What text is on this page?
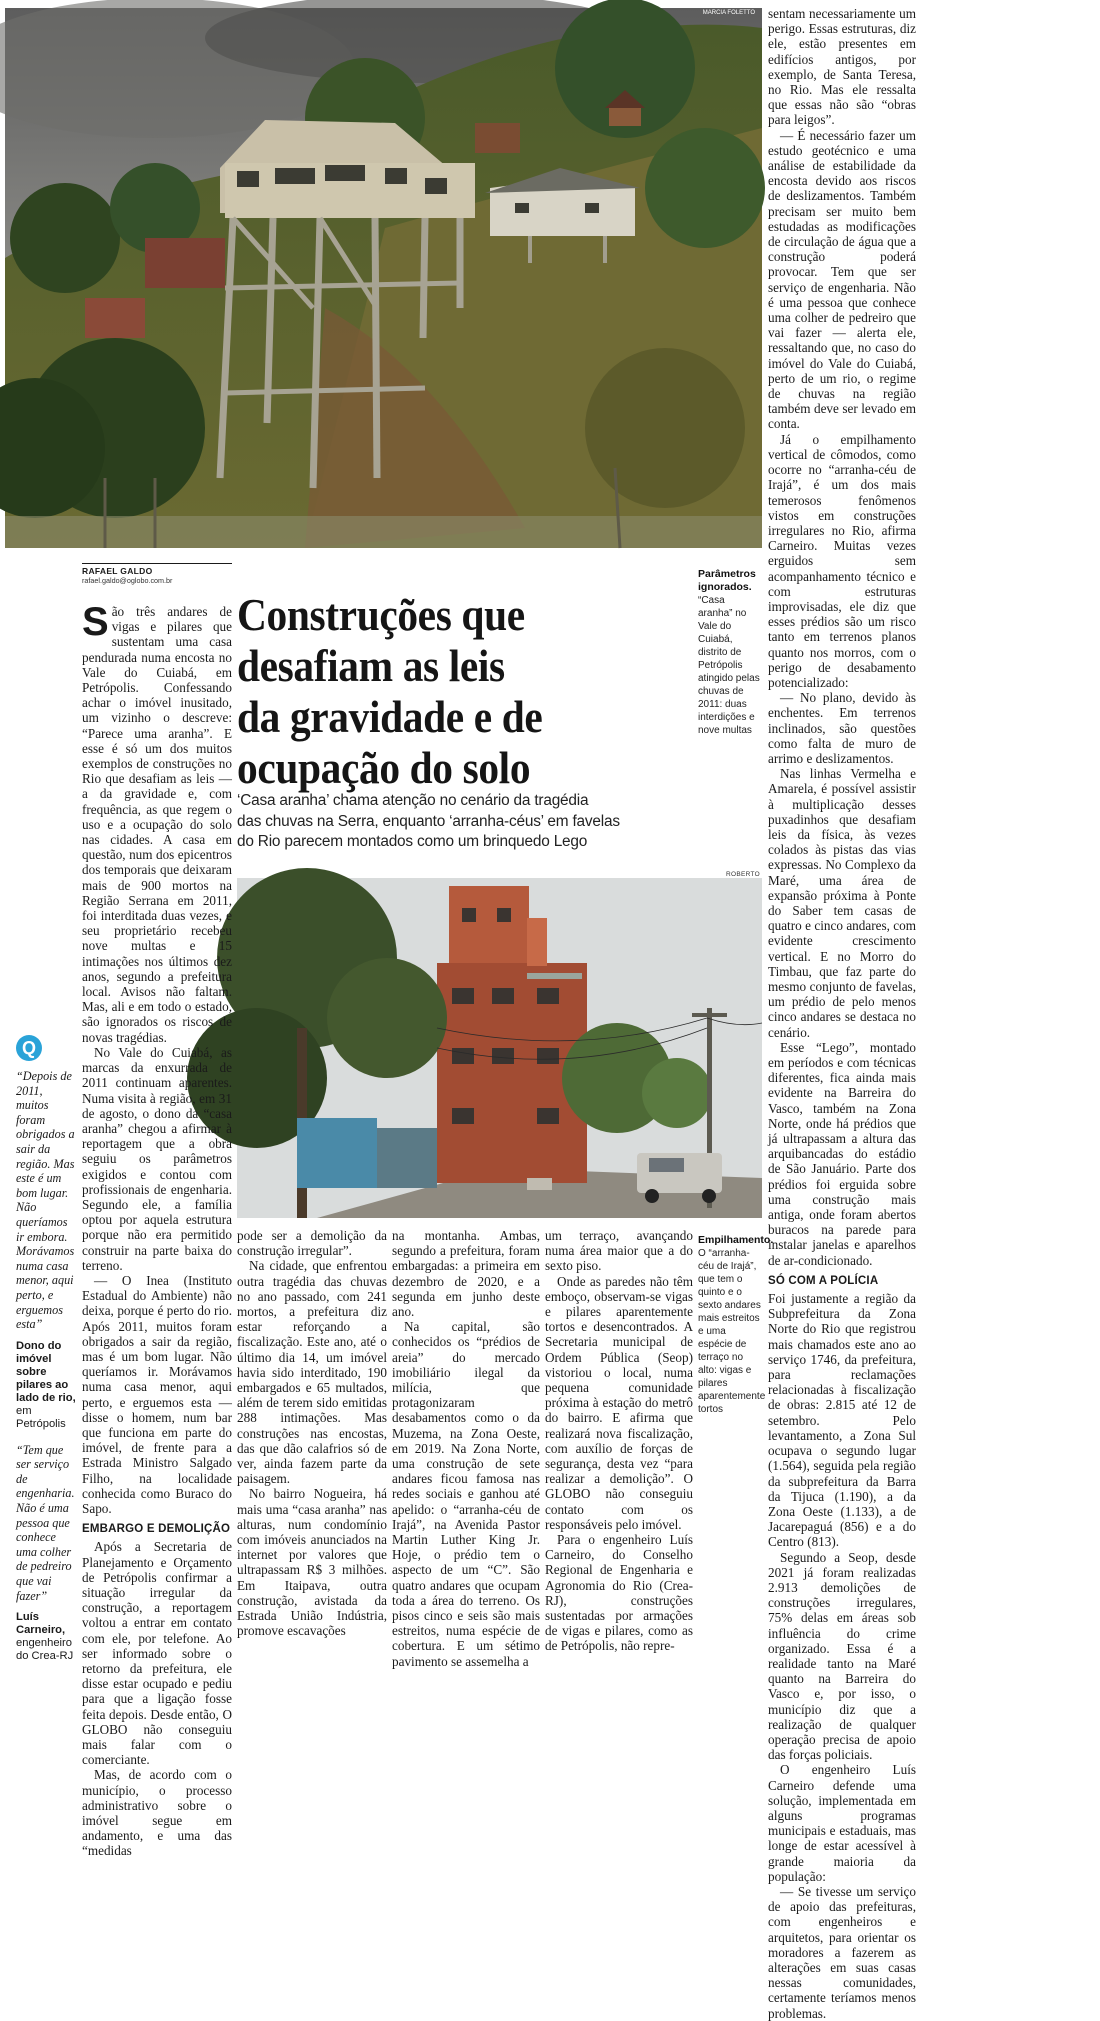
MARCIA FOLETTO
RAFAEL GALDO
rafael.galdo@oglobo.com.br
Construções que
desafiam as leis
da gravidade e de
ocupação do solo
‘Casa aranha’ chama atenção no cenário da tragédia
das chuvas na Serra, enquanto ‘arranha-céus’ em favelas
do Rio parecem montados como um brinquedo Lego
Parâmetros ignorados.
“Casa aranha” no Vale do Cuiabá, distrito de Petrópolis atingido pelas chuvas de 2011: duas interdições e nove multas
ROBERTO
Empilhamento.
O “arranha-céu de Irajá”, que tem o quinto e o sexto andares mais estreitos e uma espécie de terraço no alto: vigas e pilares aparentemente tortos
Q
“Depois de 2011, muitos foram obrigados a sair da região. Mas este é um bom lugar. Não queríamos ir embora. Morávamos numa casa menor, aqui perto, e erguemos esta”
Dono do imóvel sobre pilares ao lado de rio, em Petrópolis
“Tem que ser serviço de engenharia. Não é uma pessoa que conhece uma colher de pedreiro que vai fazer”
Luís Carneiro, engenheiro do Crea-RJ

São três andares de vigas e pilares que sustentam uma casa pendurada numa encosta no Vale do Cuiabá, em Petrópolis. Confessando achar o imóvel inusitado, um vizinho o descreve: “Parece uma aranha”. E esse é só um dos muitos exemplos de construções no Rio que desafiam as leis — a da gravidade e, com frequência, as que regem o uso e a ocupação do solo nas cidades. A casa em questão, num dos epicentros dos temporais que deixaram mais de 900 mortos na Região Serrana em 2011, foi interditada duas vezes, e seu proprietário recebeu nove multas e 15 intimações nos últimos dez anos, segundo a prefeitura local. Avisos não faltam. Mas, ali e em todo o estado, são ignorados os riscos de novas tragédias.

No Vale do Cuiabá, as marcas da enxurrada de 2011 continuam aparentes. Numa visita à região, em 31 de agosto, o dono da “casa aranha” chegou a afirmar à reportagem que a obra seguiu os parâmetros exigidos e contou com profissionais de engenharia. Segundo ele, a família optou por aquela estrutura porque não era permitido construir na parte baixa do terreno.

— O Inea (Instituto Estadual do Ambiente) não deixa, porque é perto do rio. Após 2011, muitos foram obrigados a sair da região, mas é um bom lugar. Não queríamos ir. Morávamos numa casa menor, aqui perto, e erguemos esta — disse o homem, num bar que funciona em parte do imóvel, de frente para a Estrada Ministro Salgado Filho, na localidade conhecida como Buraco do Sapo.

EMBARGO E DEMOLIÇÃO

Após a Secretaria de Planejamento e Orçamento de Petrópolis confirmar a situação irregular da construção, a reportagem voltou a entrar em contato com ele, por telefone. Ao ser informado sobre o retorno da prefeitura, ele disse estar ocupado e pediu para que a ligação fosse feita depois. Desde então, O GLOBO não conseguiu mais falar com o comerciante.

Mas, de acordo com o município, o processo administrativo sobre o imóvel segue em andamento, e uma das “medidas

pode ser a demolição da construção irregular”.

Na cidade, que enfrentou outra tragédia das chuvas no ano passado, com 241 mortos, a prefeitura diz estar reforçando a fiscalização. Este ano, até o último dia 14, um imóvel havia sido interditado, 190 embargados e 65 multados, além de terem sido emitidas 288 intimações. Mas construções nas encostas, das que dão calafrios só de ver, ainda fazem parte da paisagem.

No bairro Nogueira, há mais uma “casa aranha” nas alturas, num condomínio com imóveis anunciados na internet por valores que ultrapassam R$ 3 milhões. Em Itaipava, outra construção, avistada da Estrada União Indústria, promove escavações

na montanha. Ambas, segundo a prefeitura, foram embargadas: a primeira em dezembro de 2020, e a segunda em junho deste ano.

Na capital, são conhecidos os “prédios de areia” do mercado imobiliário ilegal da milícia, que protagonizaram desabamentos como o da Muzema, na Zona Oeste, em 2019. Na Zona Norte, uma construção de sete andares ficou famosa nas redes sociais e ganhou até apelido: o “arranha-céu de Irajá”, na Avenida Pastor Martin Luther King Jr. Hoje, o prédio tem o aspecto de um “C”. São quatro andares que ocupam toda a área do terreno. Os pisos cinco e seis são mais estreitos, numa espécie de cobertura. E um sétimo pavimento se assemelha a

um terraço, avançando numa área maior que a do sexto piso.

Onde as paredes não têm emboço, observam-se vigas e pilares aparentemente tortos e desencontrados. A Secretaria municipal de Ordem Pública (Seop) vistoriou o local, numa pequena comunidade próxima à estação do metrô do bairro. E afirma que realizará nova fiscalização, com auxílio de forças de segurança, desta vez “para realizar a demolição”. O GLOBO não conseguiu contato com os responsáveis pelo imóvel.

Para o engenheiro Luís Carneiro, do Conselho Regional de Engenharia e Agronomia do Rio (Crea-RJ), construções sustentadas por armações de vigas e pilares, como as de Petrópolis, não repre-

sentam necessariamente um perigo. Essas estruturas, diz ele, estão presentes em edifícios antigos, por exemplo, de Santa Teresa, no Rio. Mas ele ressalta que essas não são “obras para leigos”.

— É necessário fazer um estudo geotécnico e uma análise de estabilidade da encosta devido aos riscos de deslizamentos. Também precisam ser muito bem estudadas as modificações de circulação de água que a construção poderá provocar. Tem que ser serviço de engenharia. Não é uma pessoa que conhece uma colher de pedreiro que vai fazer — alerta ele, ressaltando que, no caso do imóvel do Vale do Cuiabá, perto de um rio, o regime de chuvas na região também deve ser levado em conta.

Já o empilhamento vertical de cômodos, como ocorre no “arranha-céu de Irajá”, é um dos mais temerosos fenômenos vistos em construções irregulares no Rio, afirma Carneiro. Muitas vezes erguidos sem acompanhamento técnico e com estruturas improvisadas, ele diz que esses prédios são um risco tanto em terrenos planos quanto nos morros, com o perigo de desabamento potencializado:

— No plano, devido às enchentes. Em terrenos inclinados, são questões como falta de muro de arrimo e deslizamentos.

Nas linhas Vermelha e Amarela, é possível assistir à multiplicação desses puxadinhos que desafiam leis da física, às vezes colados às pistas das vias expressas. No Complexo da Maré, uma área de expansão próxima à Ponte do Saber tem casas de quatro e cinco andares, com evidente crescimento vertical. E no Morro do Timbau, que faz parte do mesmo conjunto de favelas, um prédio de pelo menos cinco andares se destaca no cenário.

Esse “Lego”, montado em períodos e com técnicas diferentes, fica ainda mais evidente na Barreira do Vasco, também na Zona Norte, onde há prédios que já ultrapassam a altura das arquibancadas do estádio de São Januário. Parte dos prédios foi erguida sobre uma construção mais antiga, onde foram abertos buracos na parede para instalar janelas e aparelhos de ar-condicionado.

SÓ COM A POLÍCIA

Foi justamente a região da Subprefeitura da Zona Norte do Rio que registrou mais chamados este ano ao serviço 1746, da prefeitura, para reclamações relacionadas à fiscalização de obras: 2.815 até 12 de setembro. Pelo levantamento, a Zona Sul ocupava o segundo lugar (1.564), seguida pela região da subprefeitura da Barra da Tijuca (1.190), a da Zona Oeste (1.133), a de Jacarepaguá (856) e a do Centro (813).

Segundo a Seop, desde 2021 já foram realizadas 2.913 demolições de construções irregulares, 75% delas em áreas sob influência do crime organizado. Essa é a realidade tanto na Maré quanto na Barreira do Vasco e, por isso, o município diz que a realização de qualquer operação precisa de apoio das forças policiais.

O engenheiro Luís Carneiro defende uma solução, implementada em alguns programas municipais e estaduais, mas longe de estar acessível à grande maioria da população:

— Se tivesse um serviço de apoio das prefeituras, com engenheiros e arquitetos, para orientar os moradores a fazerem as alterações em suas casas nessas comunidades, certamente teríamos menos problemas.
